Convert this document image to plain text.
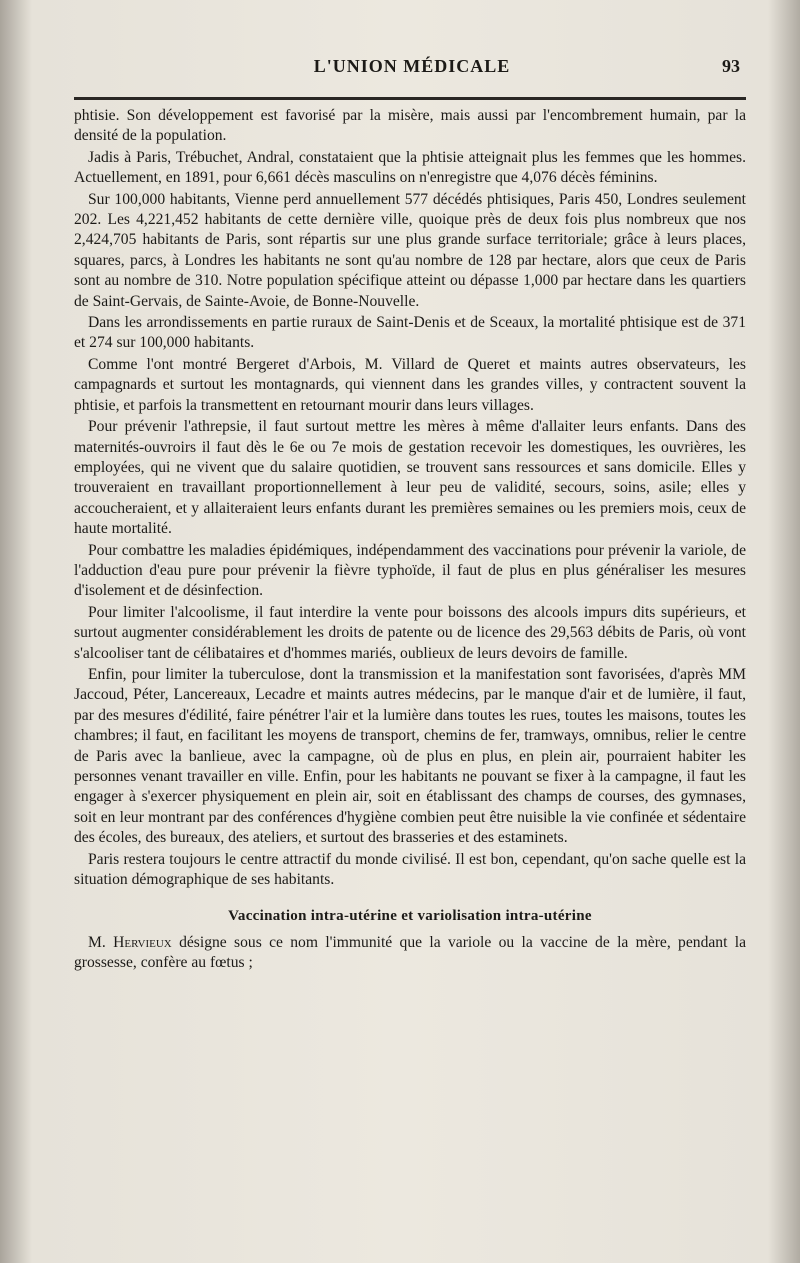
L'UNION MÉDICALE	93

phtisie. Son développement est favorisé par la misère, mais aussi par l'encombrement humain, par la densité de la population.

Jadis à Paris, Trébuchet, Andral, constataient que la phtisie atteignait plus les femmes que les hommes. Actuellement, en 1891, pour 6,661 décès masculins on n'enregistre que 4,076 décès féminins.

Sur 100,000 habitants, Vienne perd annuellement 577 décédés phtisiques, Paris 450, Londres seulement 202. Les 4,221,452 habitants de cette dernière ville, quoique près de deux fois plus nombreux que nos 2,424,705 habitants de Paris, sont répartis sur une plus grande surface territoriale; grâce à leurs places, squares, parcs, à Londres les habitants ne sont qu'au nombre de 128 par hectare, alors que ceux de Paris sont au nombre de 310. Notre population spécifique atteint ou dépasse 1,000 par hectare dans les quartiers de Saint-Gervais, de Sainte-Avoie, de Bonne-Nouvelle.

Dans les arrondissements en partie ruraux de Saint-Denis et de Sceaux, la mortalité phtisique est de 371 et 274 sur 100,000 habitants.

Comme l'ont montré Bergeret d'Arbois, M. Villard de Queret et maints autres observateurs, les campagnards et surtout les montagnards, qui viennent dans les grandes villes, y contractent souvent la phtisie, et parfois la transmettent en retournant mourir dans leurs villages.

Pour prévenir l'athrepsie, il faut surtout mettre les mères à même d'allaiter leurs enfants. Dans des maternités-ouvroirs il faut dès le 6e ou 7e mois de gestation recevoir les domestiques, les ouvrières, les employées, qui ne vivent que du salaire quotidien, se trouvent sans ressources et sans domicile. Elles y trouveraient en travaillant proportionnellement à leur peu de validité, secours, soins, asile; elles y accoucheraient, et y allaiteraient leurs enfants durant les premières semaines ou les premiers mois, ceux de haute mortalité.

Pour combattre les maladies épidémiques, indépendamment des vaccinations pour prévenir la variole, de l'adduction d'eau pure pour prévenir la fièvre typhoïde, il faut de plus en plus généraliser les mesures d'isolement et de désinfection.

Pour limiter l'alcoolisme, il faut interdire la vente pour boissons des alcools impurs dits supérieurs, et surtout augmenter considérablement les droits de patente ou de licence des 29,563 débits de Paris, où vont s'alcooliser tant de célibataires et d'hommes mariés, oublieux de leurs devoirs de famille.

Enfin, pour limiter la tuberculose, dont la transmission et la manifestation sont favorisées, d'après MM Jaccoud, Péter, Lancereaux, Lecadre et maints autres médecins, par le manque d'air et de lumière, il faut, par des mesures d'édilité, faire pénétrer l'air et la lumière dans toutes les rues, toutes les maisons, toutes les chambres; il faut, en facilitant les moyens de transport, chemins de fer, tramways, omnibus, relier le centre de Paris avec la banlieue, avec la campagne, où de plus en plus, en plein air, pourraient habiter les personnes venant travailler en ville. Enfin, pour les habitants ne pouvant se fixer à la campagne, il faut les engager à s'exercer physiquement en plein air, soit en établissant des champs de courses, des gymnases, soit en leur montrant par des conférences d'hygiène combien peut être nuisible la vie confinée et sédentaire des écoles, des bureaux, des ateliers, et surtout des brasseries et des estaminets.

Paris restera toujours le centre attractif du monde civilisé. Il est bon, cependant, qu'on sache quelle est la situation démographique de ses habitants.

Vaccination intra-utérine et variolisation intra-utérine

M. Hervieux désigne sous ce nom l'immunité que la variole ou la vaccine de la mère, pendant la grossesse, confère au fœtus ;
